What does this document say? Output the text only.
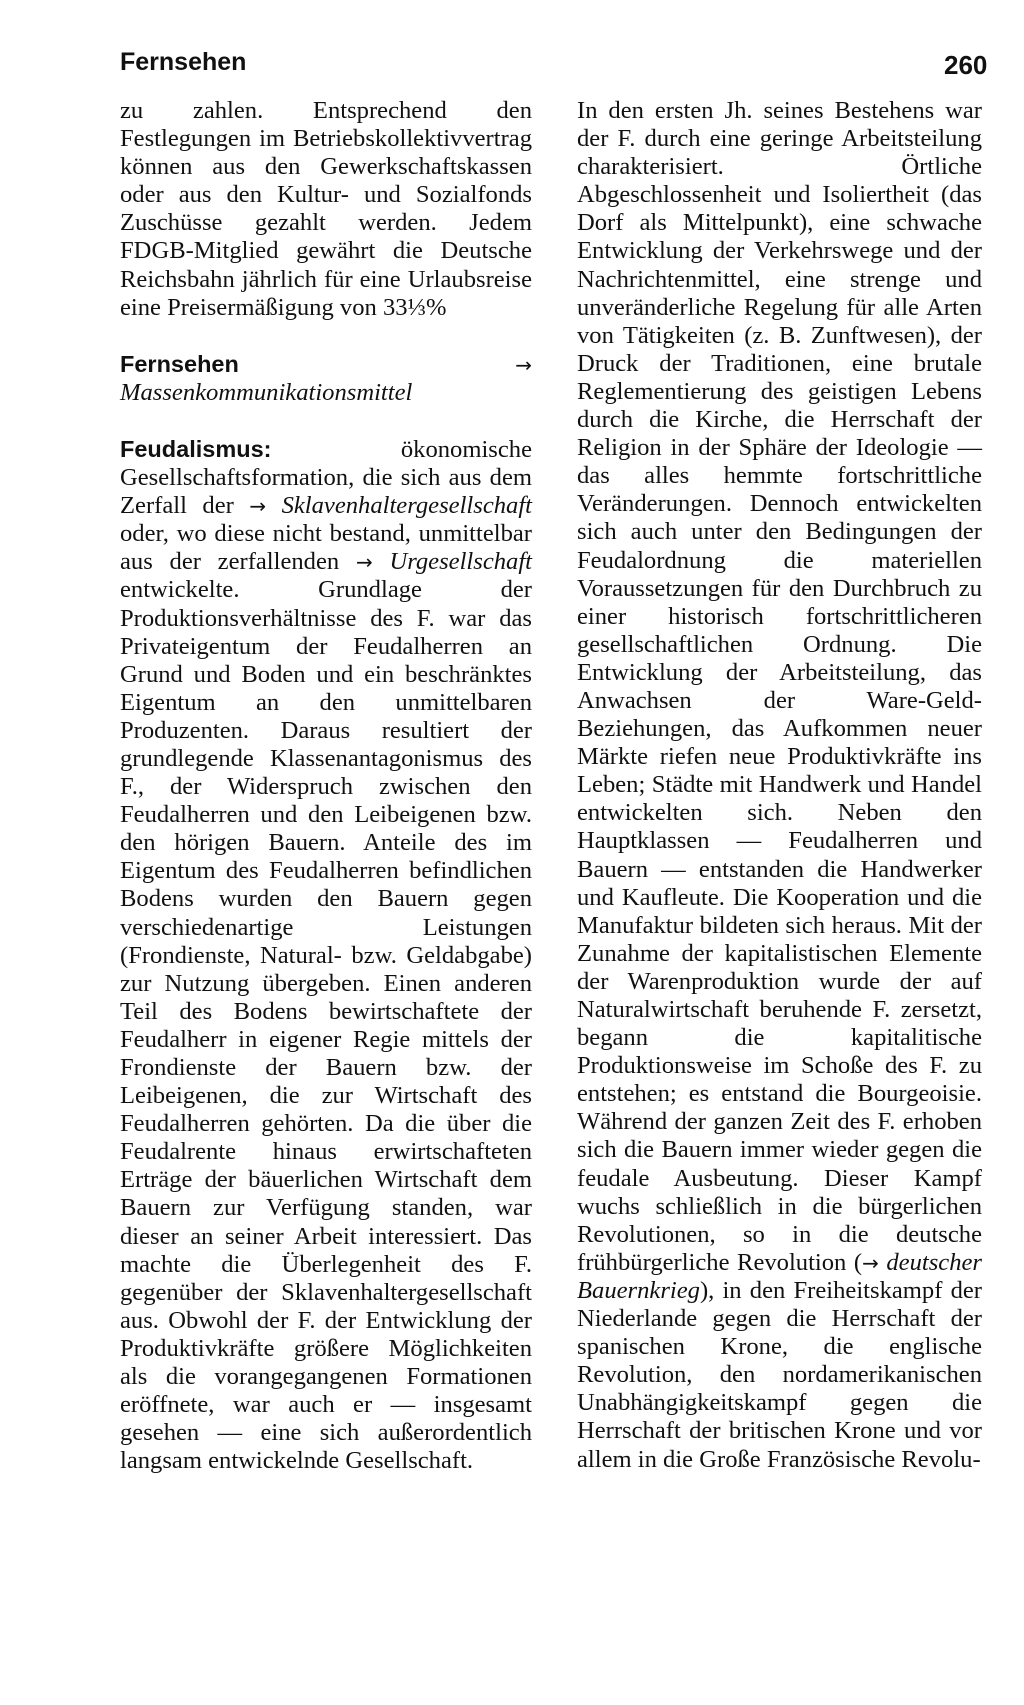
Fernsehen	260

zu zahlen. Entsprechend den Festlegungen im Betriebskollektivvertrag können aus den Gewerkschaftskassen oder aus den Kultur- und Sozialfonds Zuschüsse gezahlt werden. Jedem FDGB-Mitglied gewährt die Deutsche Reichsbahn jährlich für eine Urlaubsreise eine Preisermäßigung von 33⅓%

Fernsehen	→ Massenkommunikationsmittel

Feudalismus:	ökonomische Gesellschaftsformation, die sich aus dem Zerfall der → Sklavenhaltergesellschaft oder, wo diese nicht bestand, unmittelbar aus der zerfallenden → Urgesellschaft entwickelte. Grundlage der Produktionsverhältnisse des F. war das Privateigentum der Feudalherren an Grund und Boden und ein beschränktes Eigentum an den unmittelbaren Produzenten. Daraus resultiert der grundlegende Klassenantagonismus des F., der Widerspruch zwischen den Feudalherren und den Leibeigenen bzw. den hörigen Bauern. Anteile des im Eigentum des Feudalherren befindlichen Bodens wurden den Bauern gegen verschiedenartige Leistungen (Frondienste, Natural- bzw. Geldabgabe) zur Nutzung übergeben. Einen anderen Teil des Bodens bewirtschaftete der Feudalherr in eigener Regie mittels der Frondienste der Bauern bzw. der Leibeigenen, die zur Wirtschaft des Feudalherren gehörten. Da die über die Feudalrente hinaus erwirtschafteten Erträge der bäuerlichen Wirtschaft dem Bauern zur Verfügung standen, war dieser an seiner Arbeit interessiert. Das machte die Überlegenheit des F. gegenüber der Sklavenhaltergesellschaft aus. Obwohl der F. der Entwicklung der Produktivkräfte größere Möglichkeiten als die vorangegangenen Formationen eröffnete, war auch er — insgesamt gesehen — eine sich außerordentlich langsam entwickelnde Gesellschaft.

In den ersten Jh. seines Bestehens war der F. durch eine geringe Arbeitsteilung charakterisiert. Örtliche Abgeschlossenheit und Isoliertheit (das Dorf als Mittelpunkt), eine schwache Entwicklung der Verkehrswege und der Nachrichtenmittel, eine strenge und unveränderliche Regelung für alle Arten von Tätigkeiten (z. B. Zunftwesen), der Druck der Traditionen, eine brutale Reglementierung des geistigen Lebens durch die Kirche, die Herrschaft der Religion in der Sphäre der Ideologie — das alles hemmte fortschrittliche Veränderungen. Dennoch entwickelten sich auch unter den Bedingungen der Feudalordnung die materiellen Voraussetzungen für den Durchbruch zu einer historisch fortschrittlicheren gesellschaftlichen Ordnung. Die Entwicklung der Arbeitsteilung, das Anwachsen der Ware-Geld-Beziehungen, das Aufkommen neuer Märkte riefen neue Produktivkräfte ins Leben; Städte mit Handwerk und Handel entwickelten sich. Neben den Hauptklassen — Feudalherren und Bauern — entstanden die Handwerker und Kaufleute. Die Kooperation und die Manufaktur bildeten sich heraus. Mit der Zunahme der kapitalistischen Elemente der Warenproduktion wurde der auf Naturalwirtschaft beruhende F. zersetzt, begann die kapitalitische Produktionsweise im Schoße des F. zu entstehen; es entstand die Bourgeoisie. Während der ganzen Zeit des F. erhoben sich die Bauern immer wieder gegen die feudale Ausbeutung. Dieser Kampf wuchs schließlich in die bürgerlichen Revolutionen, so in die deutsche frühbürgerliche Revolution (→ deutscher Bauernkrieg), in den Freiheitskampf der Niederlande gegen die Herrschaft der spanischen Krone, die englische Revolution, den nordamerikanischen Unabhängigkeitskampf gegen die Herrschaft der britischen Krone und vor allem in die Große Französische Revolu-
